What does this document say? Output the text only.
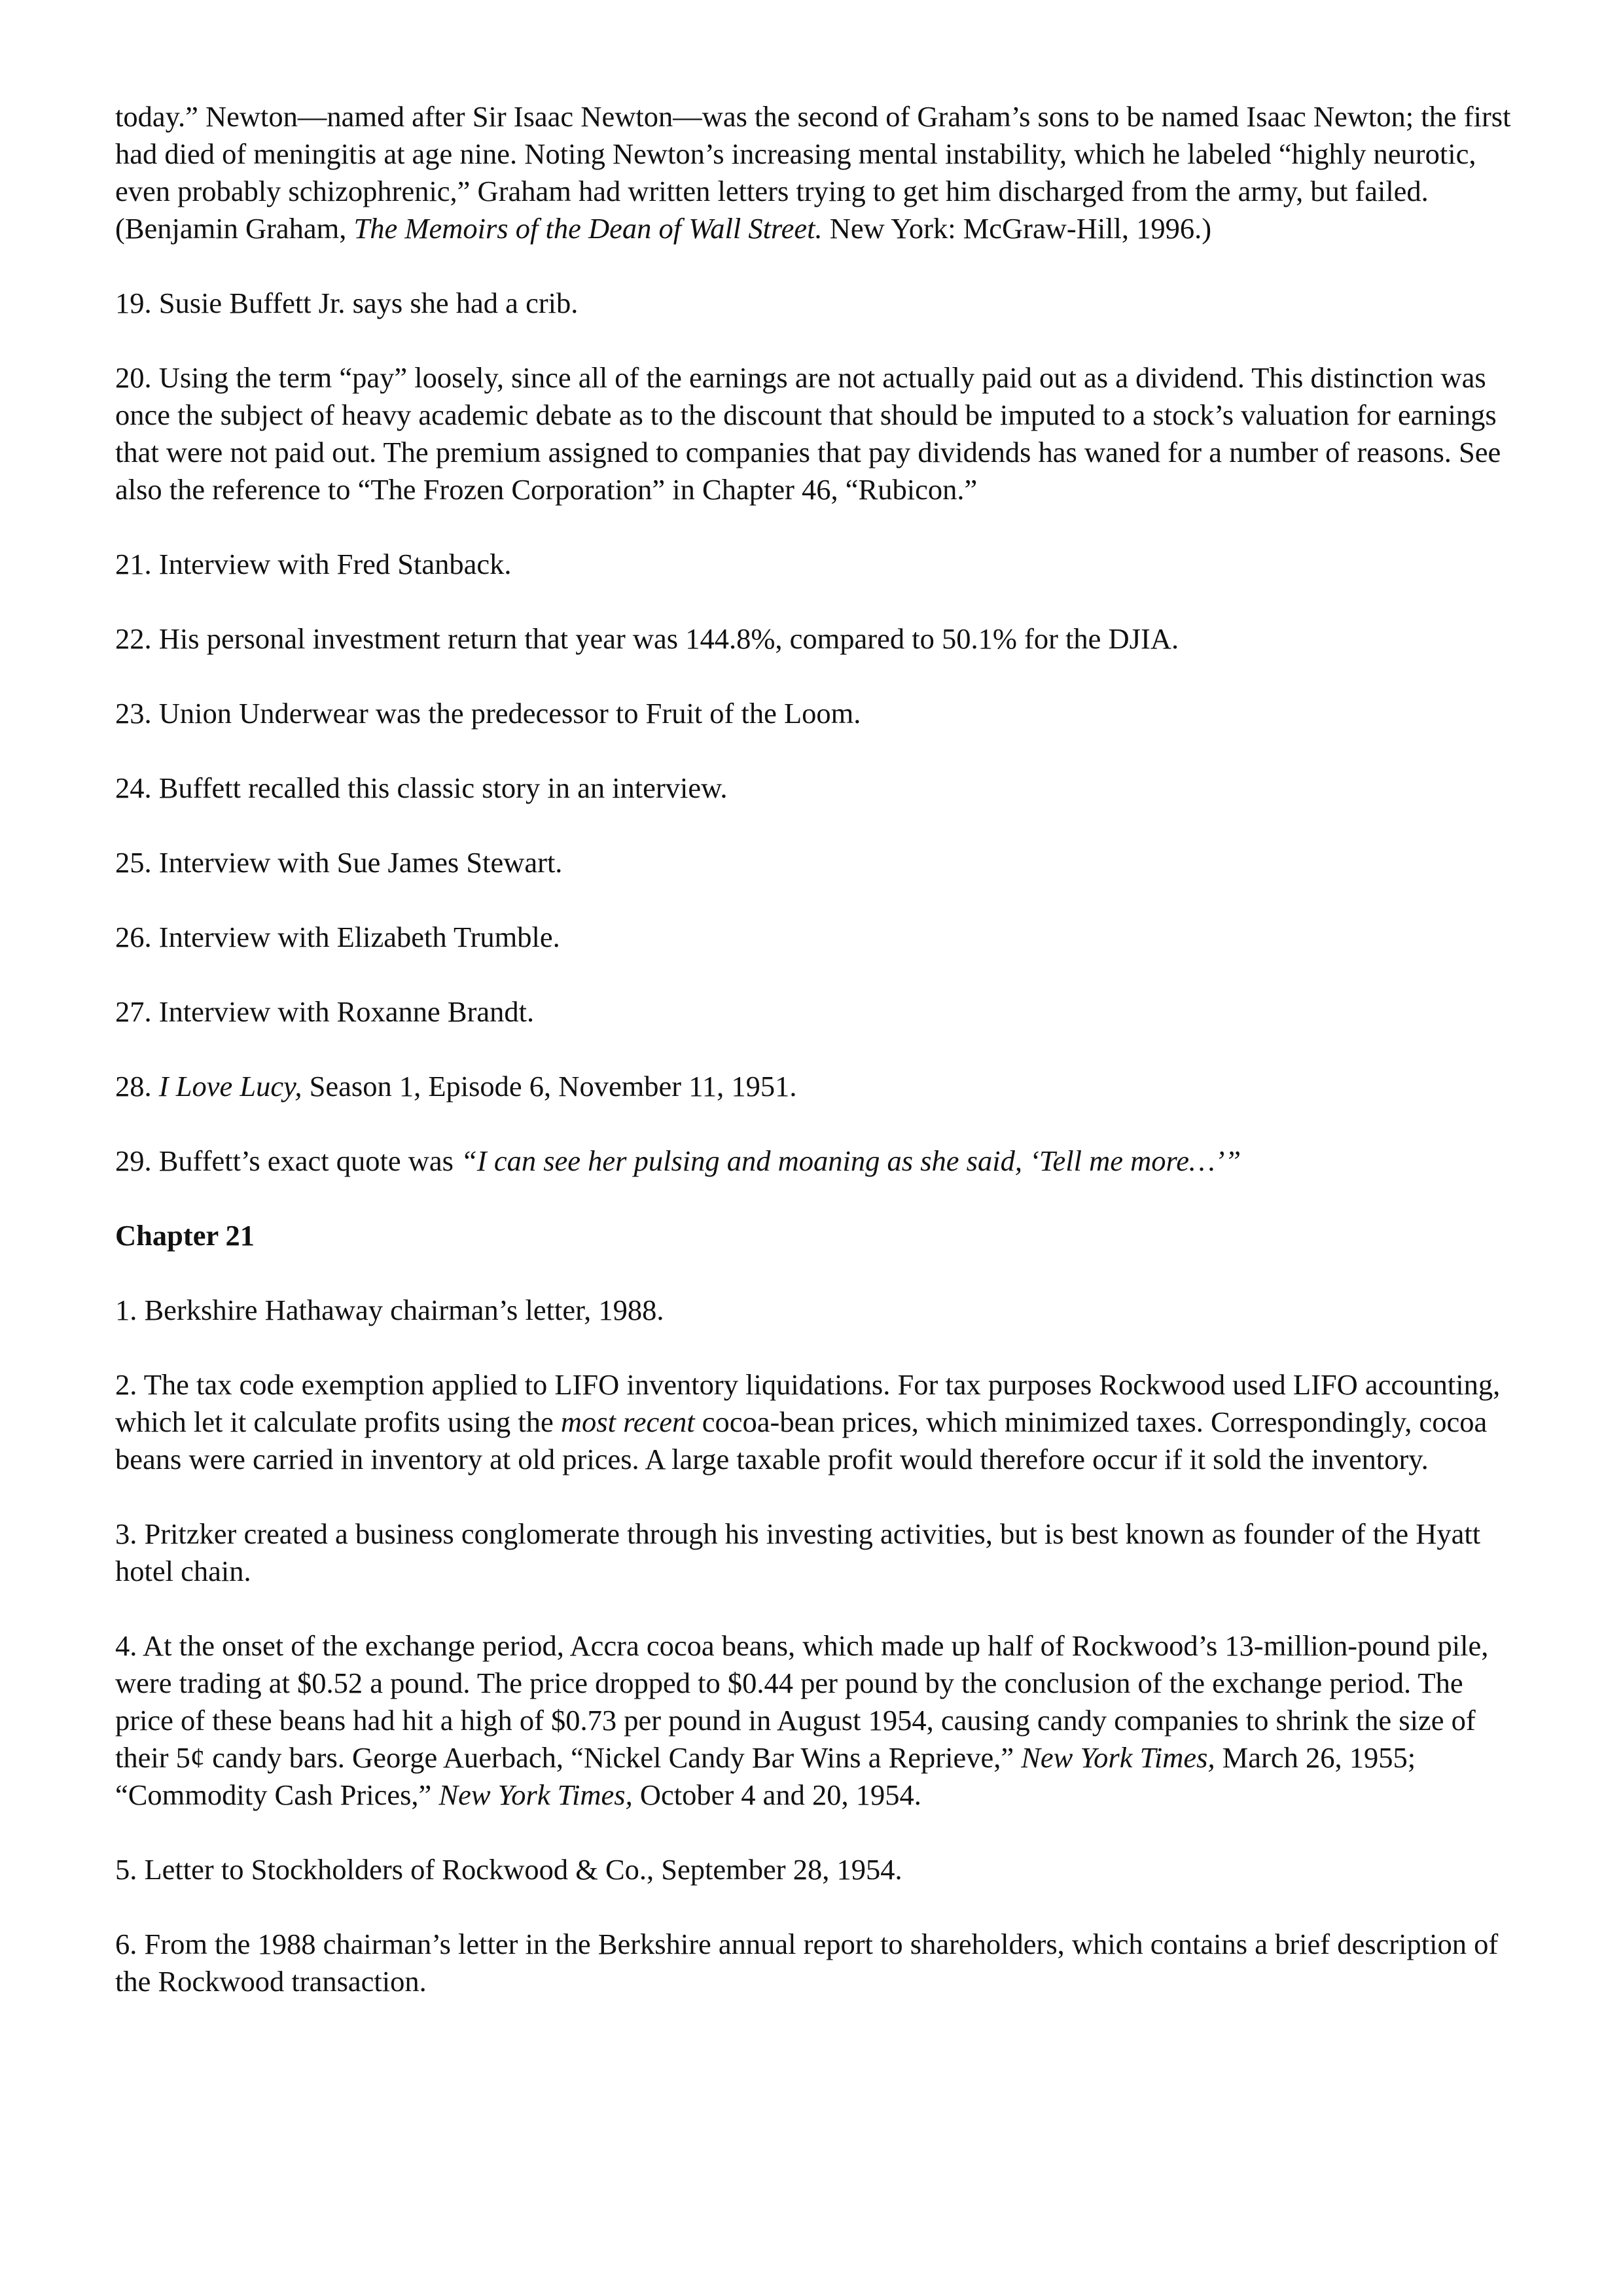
today.” Newton—named after Sir Isaac Newton—was the second of Graham’s sons to be named Isaac Newton; the first had died of meningitis at age nine. Noting Newton’s increasing mental instability, which he labeled “highly neurotic, even probably schizophrenic,” Graham had written letters trying to get him discharged from the army, but failed. (Benjamin Graham, The Memoirs of the Dean of Wall Street. New York: McGraw-Hill, 1996.)

19. Susie Buffett Jr. says she had a crib.

20. Using the term “pay” loosely, since all of the earnings are not actually paid out as a dividend. This distinction was once the subject of heavy academic debate as to the discount that should be imputed to a stock’s valuation for earnings that were not paid out. The premium assigned to companies that pay dividends has waned for a number of reasons. See also the reference to “The Frozen Corporation” in Chapter 46, “Rubicon.”

21. Interview with Fred Stanback.

22. His personal investment return that year was 144.8%, compared to 50.1% for the DJIA.

23. Union Underwear was the predecessor to Fruit of the Loom.

24. Buffett recalled this classic story in an interview.

25. Interview with Sue James Stewart.

26. Interview with Elizabeth Trumble.

27. Interview with Roxanne Brandt.

28. I Love Lucy, Season 1, Episode 6, November 11, 1951.

29. Buffett’s exact quote was “I can see her pulsing and moaning as she said, ‘Tell me more…’”

Chapter 21

1. Berkshire Hathaway chairman’s letter, 1988.

2. The tax code exemption applied to LIFO inventory liquidations. For tax purposes Rockwood used LIFO accounting, which let it calculate profits using the most recent cocoa-bean prices, which minimized taxes. Correspondingly, cocoa beans were carried in inventory at old prices. A large taxable profit would therefore occur if it sold the inventory.

3. Pritzker created a business conglomerate through his investing activities, but is best known as founder of the Hyatt hotel chain.

4. At the onset of the exchange period, Accra cocoa beans, which made up half of Rockwood’s 13-million-pound pile, were trading at $0.52 a pound. The price dropped to $0.44 per pound by the conclusion of the exchange period. The price of these beans had hit a high of $0.73 per pound in August 1954, causing candy companies to shrink the size of their 5¢ candy bars. George Auerbach, “Nickel Candy Bar Wins a Reprieve,” New York Times, March 26, 1955; “Commodity Cash Prices,” New York Times, October 4 and 20, 1954.

5. Letter to Stockholders of Rockwood & Co., September 28, 1954.

6. From the 1988 chairman’s letter in the Berkshire annual report to shareholders, which contains a brief description of the Rockwood transaction.
